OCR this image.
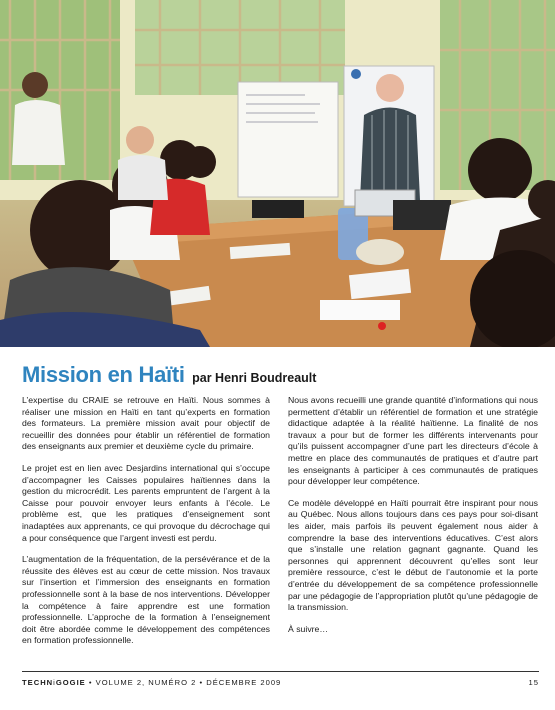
Mission en Haïti par Henri Boudreault

L’expertise du CRAIE se retrouve en Haïti. Nous sommes à réaliser une mission en Haïti en tant qu’experts en formation des formateurs. La première mission avait pour objectif de recueillir des données pour établir un référentiel de formation des enseignants aux premier et deuxième cycle du primaire.

Le projet est en lien avec Desjardins international qui s’occupe d’accompagner les Caisses populaires haïtiennes dans la gestion du microcrédit. Les parents empruntent de l’argent à la Caisse pour pouvoir envoyer leurs enfants à l’école. Le problème est, que les pratiques d’enseignement sont inadaptées aux apprenants, ce qui provoque du décrochage qui a pour conséquence que l’argent investi est perdu.

L’augmentation de la fréquentation, de la persévérance et de la réussite des élèves est au cœur de cette mission. Nos travaux sur l’insertion et l’immersion des enseignants en formation professionnelle sont à la base de nos interventions. Développer la compétence à faire apprendre est une formation professionnelle. L’approche de la formation à l’enseignement doit être abordée comme le développement des compétences en formation professionnelle.

Nous avons recueilli une grande quantité d’informations qui nous permettent d’établir un référentiel de formation et une stratégie didactique adaptée à la réalité haïtienne. La finalité de nos travaux a pour but de former les différents intervenants pour qu’ils puissent accompagner d’une part les directeurs d’école à mettre en place des communautés de pratiques et d’autre part les enseignants à participer à ces communautés de pratiques pour développer leur compétence.

Ce modèle développé en Haïti pourrait être inspirant pour nous au Québec. Nous allons toujours dans ces pays pour soi-disant les aider, mais parfois ils peuvent également nous aider à comprendre la base des interventions éducatives. C’est alors que s’installe une relation gagnant gagnante. Quand les personnes qui apprennent découvrent qu’elles sont leur première ressource, c’est le début de l’autonomie et la porte d’entrée du développement de sa compétence professionnelle par une pédagogie de l’appropriation plutôt qu’une pédagogie de la transmission.

À suivre…

TECHNiGOGIE • VOLUME 2, NUMÉRO 2 • DÉCEMBRE 2009	15
